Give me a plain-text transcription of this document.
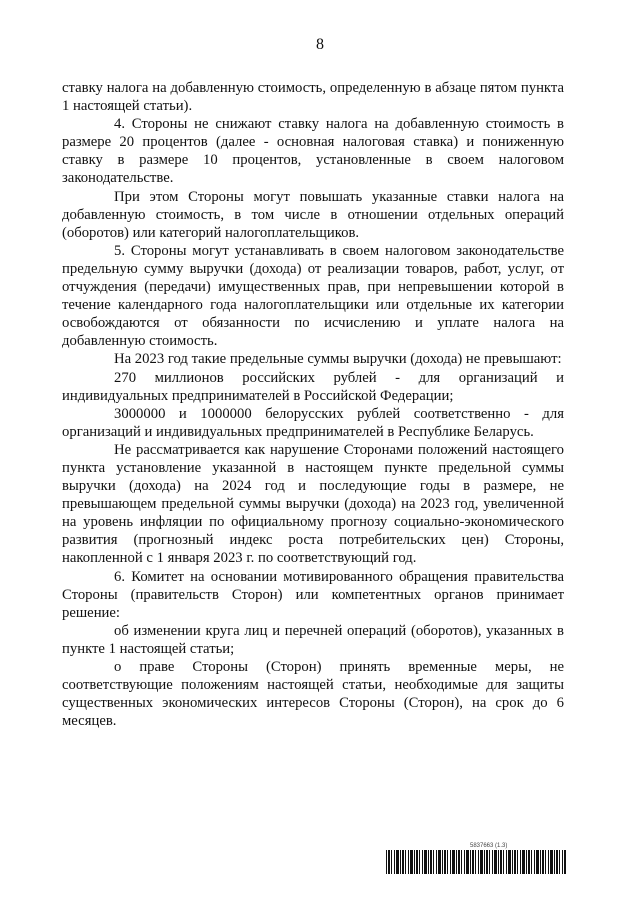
8

ставку налога на добавленную стоимость, определенную в абзаце пятом пункта 1 настоящей статьи).

4. Стороны не снижают ставку налога на добавленную стоимость в размере 20 процентов (далее - основная налоговая ставка) и пониженную ставку в размере 10 процентов, установленные в своем налоговом законодательстве.

При этом Стороны могут повышать указанные ставки налога на добавленную стоимость, в том числе в отношении отдельных операций (оборотов) или категорий налогоплательщиков.

5. Стороны могут устанавливать в своем налоговом законодательстве предельную сумму выручки (дохода) от реализации товаров, работ, услуг, от отчуждения (передачи) имущественных прав, при непревышении которой в течение календарного года налогоплательщики или отдельные их категории освобождаются от обязанности по исчислению и уплате налога на добавленную стоимость.

На 2023 год такие предельные суммы выручки (дохода) не превышают:

270 миллионов российских рублей - для организаций и индивидуальных предпринимателей в Российской Федерации;

3000000 и 1000000 белорусских рублей соответственно - для организаций и индивидуальных предпринимателей в Республике Беларусь.

Не рассматривается как нарушение Сторонами положений настоящего пункта установление указанной в настоящем пункте предельной суммы выручки (дохода) на 2024 год и последующие годы в размере, не превышающем предельной суммы выручки (дохода) на 2023 год, увеличенной на уровень инфляции по официальному прогнозу социально-экономического развития (прогнозный индекс роста потребительских цен) Стороны, накопленной с 1 января 2023 г. по соответствующий год.

6. Комитет на основании мотивированного обращения правительства Стороны (правительств Сторон) или компетентных органов принимает решение:

об изменении круга лиц и перечней операций (оборотов), указанных в пункте 1 настоящей статьи;

о праве Стороны (Сторон) принять временные меры, не соответствующие положениям настоящей статьи, необходимые для защиты существенных экономических интересов Стороны (Сторон), на срок до 6 месяцев.

5837663 (1.3)
